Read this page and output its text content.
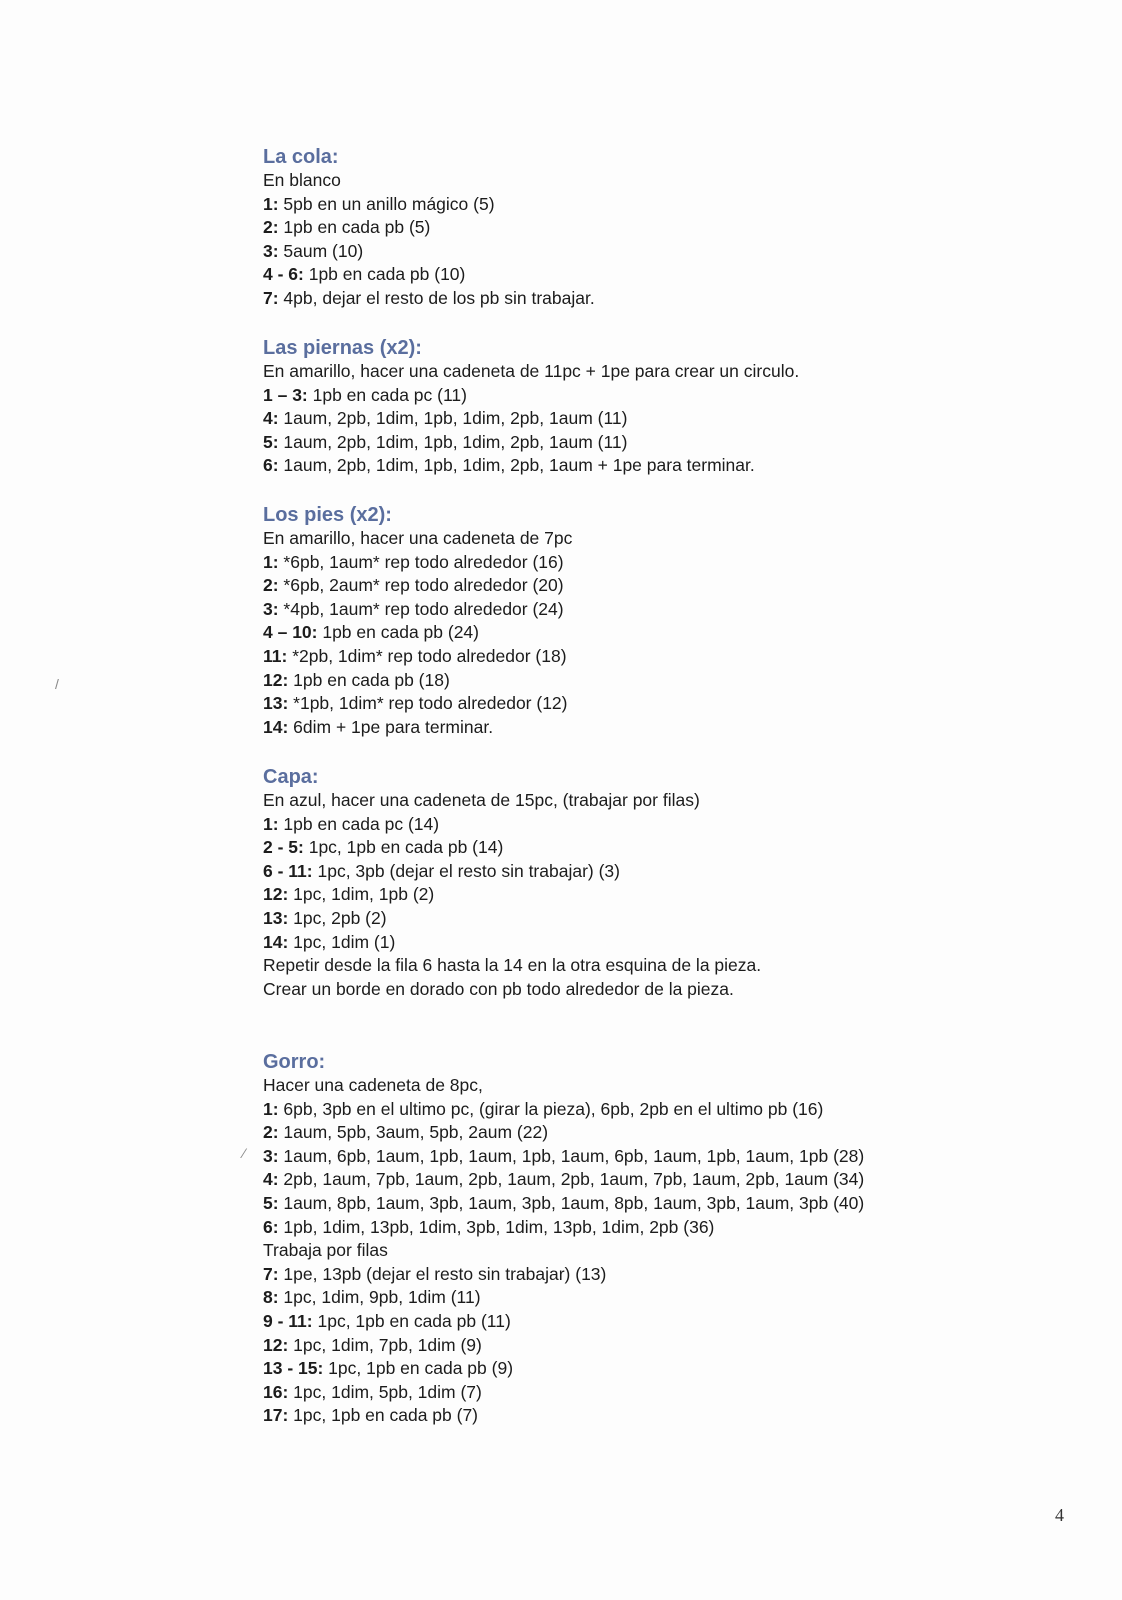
La cola:
En blanco
1: 5pb en un anillo mágico (5)
2: 1pb en cada pb (5)
3: 5aum (10)
4 - 6: 1pb en cada pb (10)
7: 4pb, dejar el resto de los pb sin trabajar.
Las piernas (x2):
En amarillo, hacer una cadeneta de 11pc + 1pe para crear un circulo.
1 – 3: 1pb en cada pc (11)
4: 1aum, 2pb, 1dim, 1pb, 1dim, 2pb, 1aum (11)
5: 1aum, 2pb, 1dim, 1pb, 1dim, 2pb, 1aum (11)
6: 1aum, 2pb, 1dim, 1pb, 1dim, 2pb, 1aum + 1pe para terminar.
Los pies (x2):
En amarillo, hacer una cadeneta de 7pc
1: *6pb, 1aum* rep todo alrededor (16)
2: *6pb, 2aum* rep todo alrededor (20)
3: *4pb, 1aum* rep todo alrededor (24)
4 – 10: 1pb en cada pb (24)
11: *2pb, 1dim* rep todo alrededor (18)
12: 1pb en cada pb (18)
13: *1pb, 1dim* rep todo alrededor (12)
14: 6dim + 1pe para terminar.
Capa:
En azul, hacer una cadeneta de 15pc, (trabajar por filas)
1: 1pb en cada pc (14)
2 - 5: 1pc, 1pb en cada pb (14)
6 - 11: 1pc, 3pb (dejar el resto sin trabajar) (3)
12: 1pc, 1dim, 1pb (2)
13: 1pc, 2pb (2)
14: 1pc, 1dim (1)
Repetir desde la fila 6 hasta la 14 en la otra esquina de la pieza.
Crear un borde en dorado con pb todo alrededor de la pieza.
Gorro:
Hacer una cadeneta de 8pc,
1: 6pb, 3pb en el ultimo pc, (girar la pieza), 6pb, 2pb en el ultimo pb (16)
2: 1aum, 5pb, 3aum, 5pb, 2aum (22)
3: 1aum, 6pb, 1aum, 1pb, 1aum, 1pb, 1aum, 6pb, 1aum, 1pb, 1aum, 1pb (28)
4: 2pb, 1aum, 7pb, 1aum, 2pb, 1aum, 2pb, 1aum, 7pb, 1aum, 2pb, 1aum (34)
5: 1aum, 8pb, 1aum, 3pb, 1aum, 3pb, 1aum, 8pb, 1aum, 3pb, 1aum, 3pb (40)
6: 1pb, 1dim, 13pb, 1dim, 3pb, 1dim, 13pb, 1dim, 2pb (36)
Trabaja por filas
7: 1pe, 13pb (dejar el resto sin trabajar) (13)
8: 1pc, 1dim, 9pb, 1dim (11)
9 - 11: 1pc, 1pb en cada pb (11)
12: 1pc, 1dim, 7pb, 1dim (9)
13 - 15: 1pc, 1pb en cada pb (9)
16: 1pc, 1dim, 5pb, 1dim (7)
17: 1pc, 1pb en cada pb (7)
/
⁄
4
